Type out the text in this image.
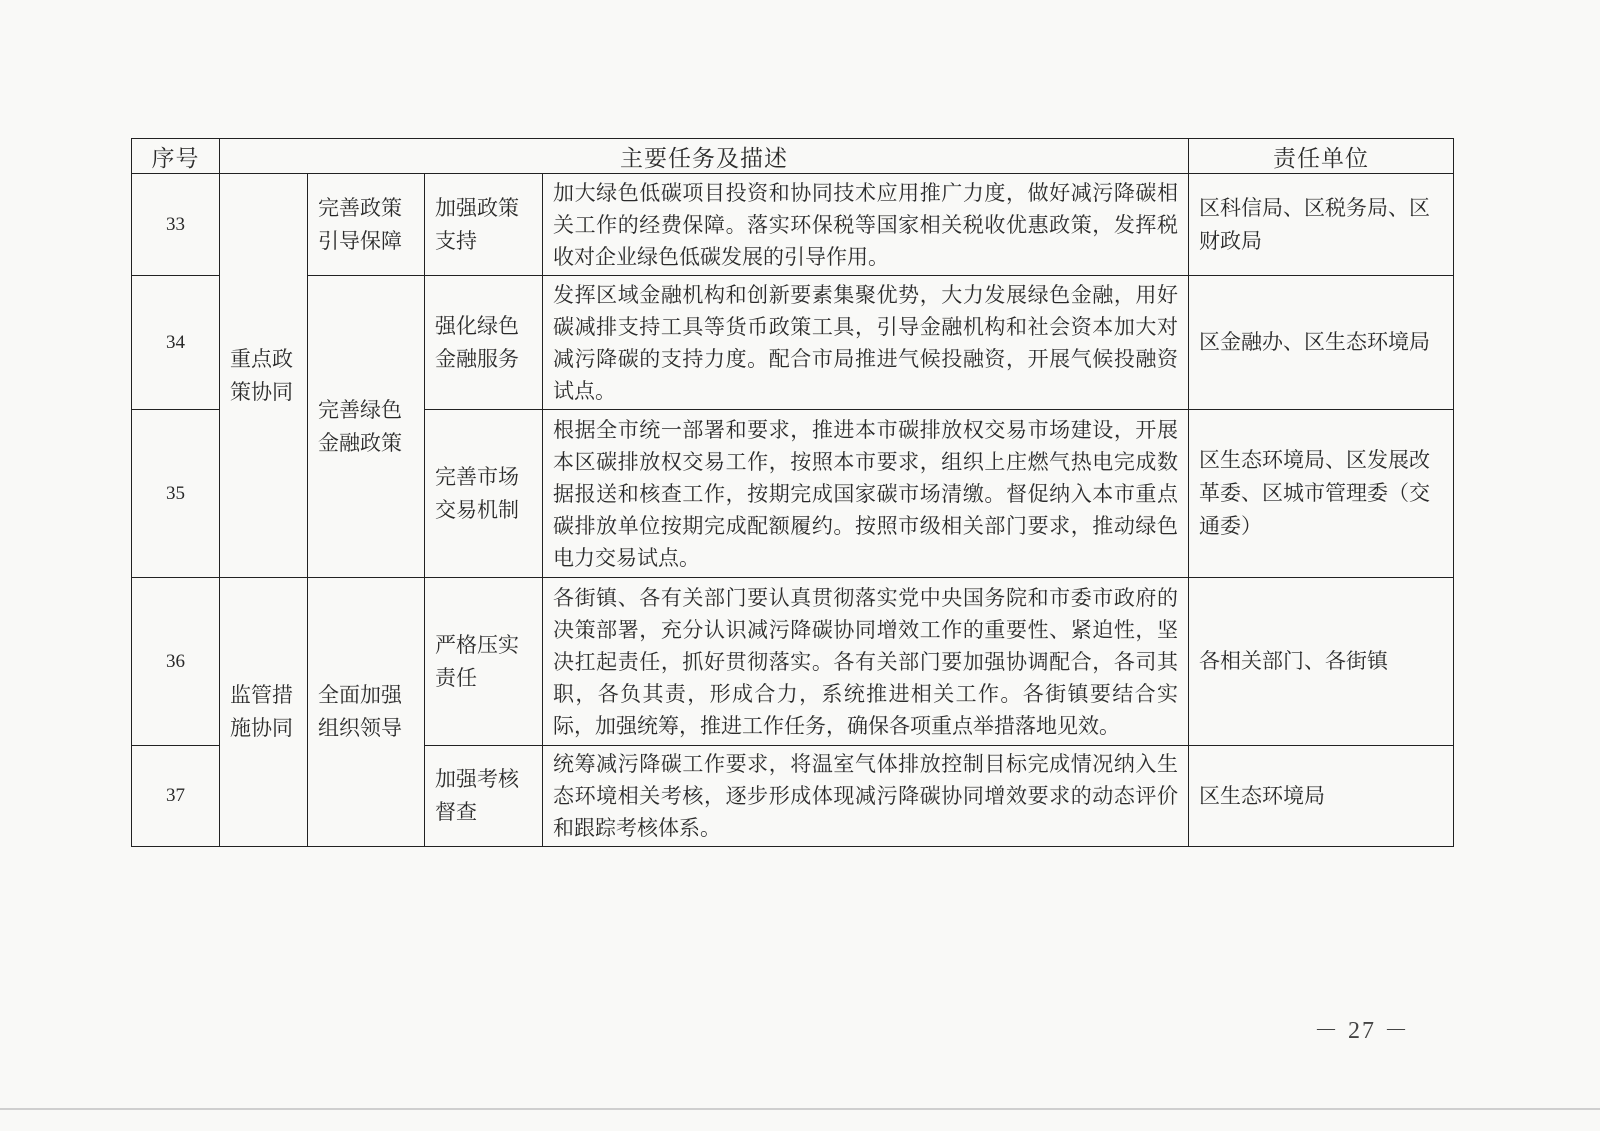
序号	主要任务及描述				责任单位
33	重点政策协同	完善政策引导保障	加强政策支持	加大绿色低碳项目投资和协同技术应用推广力度，做好减污降碳相关工作的经费保障。落实环保税等国家相关税收优惠政策，发挥税收对企业绿色低碳发展的引导作用。	区科信局、区税务局、区财政局
34		完善绿色金融政策	强化绿色金融服务	发挥区域金融机构和创新要素集聚优势，大力发展绿色金融，用好碳减排支持工具等货币政策工具，引导金融机构和社会资本加大对减污降碳的支持力度。配合市局推进气候投融资，开展气候投融资试点。	区金融办、区生态环境局
35			完善市场交易机制	根据全市统一部署和要求，推进本市碳排放权交易市场建设，开展本区碳排放权交易工作，按照本市要求，组织上庄燃气热电完成数据报送和核查工作，按期完成国家碳市场清缴。督促纳入本市重点碳排放单位按期完成配额履约。按照市级相关部门要求，推动绿色电力交易试点。	区生态环境局、区发展改革委、区城市管理委（交通委）
36	监管措施协同	全面加强组织领导	严格压实责任	各街镇、各有关部门要认真贯彻落实党中央国务院和市委市政府的决策部署，充分认识减污降碳协同增效工作的重要性、紧迫性，坚决扛起责任，抓好贯彻落实。各有关部门要加强协调配合，各司其职，各负其责，形成合力，系统推进相关工作。各街镇要结合实际，加强统筹，推进工作任务，确保各项重点举措落地见效。	各相关部门、各街镇
37			加强考核督查	统筹减污降碳工作要求，将温室气体排放控制目标完成情况纳入生态环境相关考核，逐步形成体现减污降碳协同增效要求的动态评价和跟踪考核体系。	区生态环境局
－ 27 －
